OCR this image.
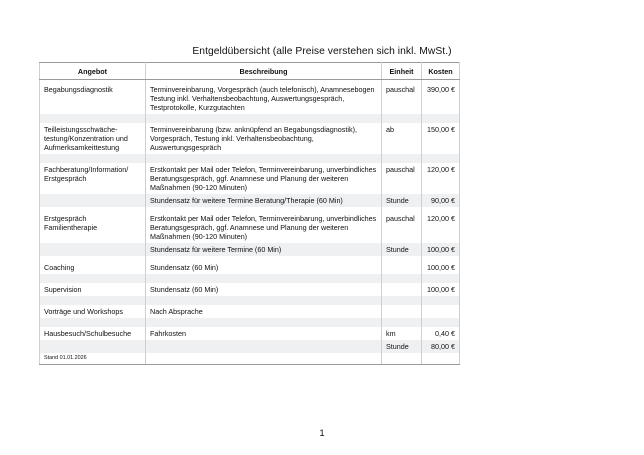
Entgeldübersicht (alle Preise verstehen sich inkl. MwSt.)
Angebot	Beschreibung	Einheit	Kosten
Begabungsdiagnostik	Terminvereinbarung, Vorgespräch (auch telefonisch), Anamnesebogen Testung inkl. Verhaltensbeobachtung, Auswertungsgespräch, Testprotokolle, Kurzgutachten	pauschal	390,00 €

Teilleistungsschwäche-testung/Konzentration und Aufmerksamkeittestung	Terminvereinbarung (bzw. anknüpfend an Begabungsdiagnostik), Vorgespräch, Testung inkl. Verhaltensbeobachtung, Auswertungsgespräch	ab	150,00 €

Fachberatung/Information/ Erstgespräch	Erstkontakt per Mail oder Telefon, Terminvereinbarung, unverbindliches Beratungsgespräch, ggf. Anamnese und Planung der weiteren Maßnahmen (90-120 Minuten)	pauschal	120,00 €
	Stundensatz für weitere Termine Beratung/Therapie (60 Min)	Stunde	90,00 €

Erstgespräch Familientherapie	Erstkontakt per Mail oder Telefon, Terminvereinbarung, unverbindliches Beratungsgespräch, ggf. Anamnese und Planung der weiteren Maßnahmen (90-120 Minuten)	pauschal	120,00 €
	Stundensatz für weitere Termine (60 Min)	Stunde	100,00 €

Coaching	Stundensatz (60 Min)		100,00 €

Supervision	Stundensatz (60 Min)		100,00 €

Vorträge und Workshops	Nach Absprache		

Hausbesuch/Schulbesuche	Fahrkosten	km	0,40 €
		Stunde	80,00 €
Stand 01.01.2026			
1
